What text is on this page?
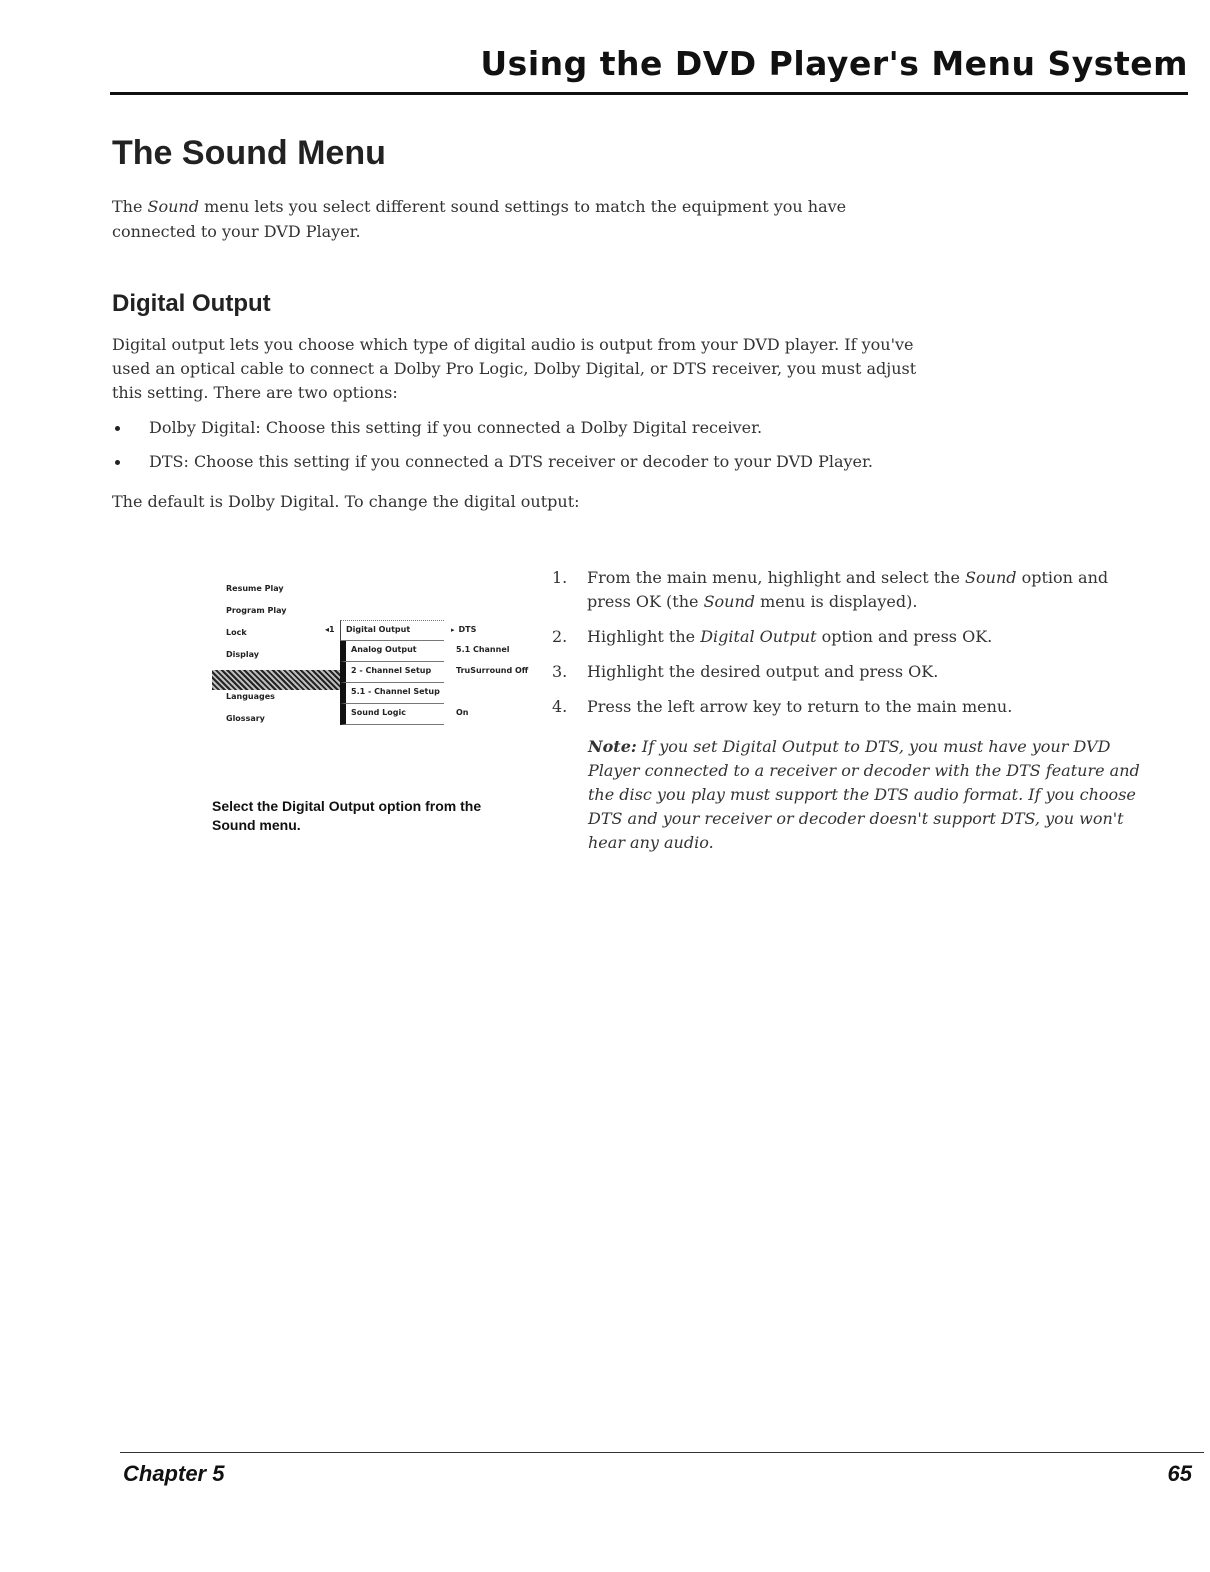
Using the DVD Player's Menu System
The Sound Menu

The Sound menu lets you select different sound settings to match the equipment you have connected to your DVD Player.

Digital Output

Digital output lets you choose which type of digital audio is output from your DVD player. If you've used an optical cable to connect a Dolby Pro Logic, Dolby Digital, or DTS receiver, you must adjust this setting. There are two options:

Dolby Digital: Choose this setting if you connected a Dolby Digital receiver.
DTS: Choose this setting if you connected a DTS receiver or decoder to your DVD Player.

The default is Dolby Digital. To change the digital output:

Resume Play
Program Play
Lock
Display
Languages
Glossary
◂1	Digital Output	▸ DTS
Analog Output	5.1 Channel
2 - Channel Setup	TruSurround Off
5.1 - Channel Setup
Sound Logic	On

Select the Digital Output option from the Sound menu.

1. From the main menu, highlight and select the Sound option and press OK (the Sound menu is displayed).
2. Highlight the Digital Output option and press OK.
3. Highlight the desired output and press OK.
4. Press the left arrow key to return to the main menu.

Note: If you set Digital Output to DTS, you must have your DVD Player connected to a receiver or decoder with the DTS feature and the disc you play must support the DTS audio format. If you choose DTS and your receiver or decoder doesn't support DTS, you won't hear any audio.

Chapter 5	65
